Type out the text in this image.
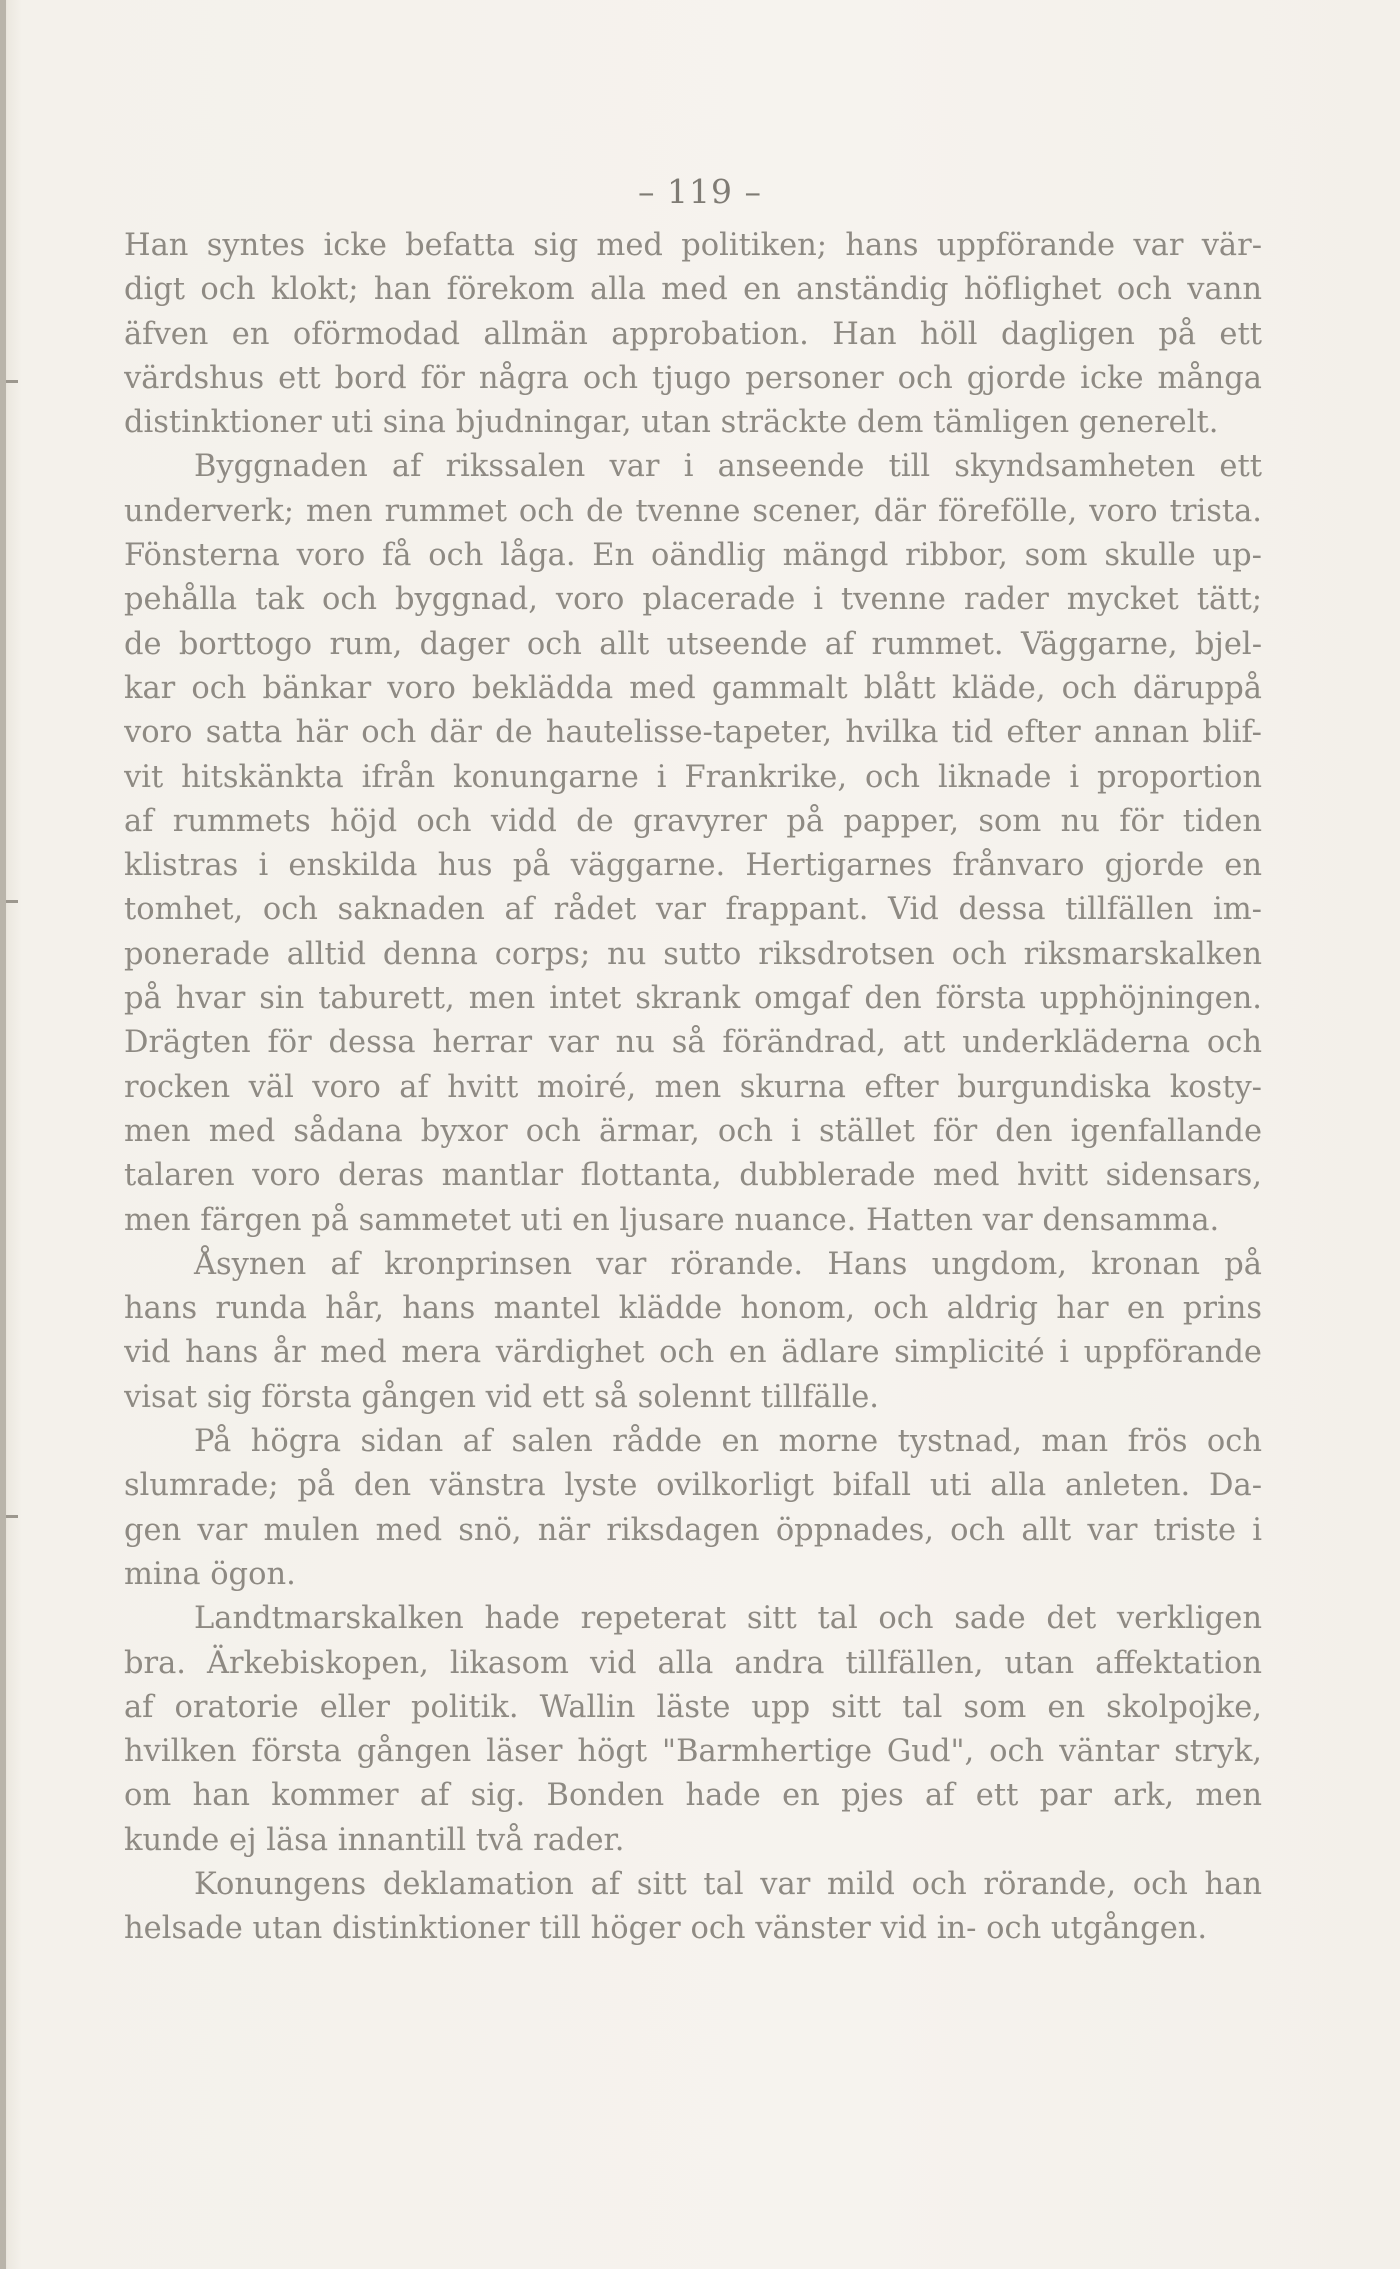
– 119 –
Han syntes icke befatta sig med politiken; hans uppförande var vär-
digt och klokt; han förekom alla med en anständig höflighet och vann
äfven en oförmodad allmän approbation. Han höll dagligen på ett
värdshus ett bord för några och tjugo personer och gjorde icke många
distinktioner uti sina bjudningar, utan sträckte dem tämligen generelt.
Byggnaden af rikssalen var i anseende till skyndsamheten ett
underverk; men rummet och de tvenne scener, där förefölle, voro trista.
Fönsterna voro få och låga. En oändlig mängd ribbor, som skulle up-
pehålla tak och byggnad, voro placerade i tvenne rader mycket tätt;
de borttogo rum, dager och allt utseende af rummet. Väggarne, bjel-
kar och bänkar voro beklädda med gammalt blått kläde, och däruppå
voro satta här och där de hautelisse-tapeter, hvilka tid efter annan blif-
vit hitskänkta ifrån konungarne i Frankrike, och liknade i proportion
af rummets höjd och vidd de gravyrer på papper, som nu för tiden
klistras i enskilda hus på väggarne. Hertigarnes frånvaro gjorde en
tomhet, och saknaden af rådet var frappant. Vid dessa tillfällen im-
ponerade alltid denna corps; nu sutto riksdrotsen och riksmarskalken
på hvar sin taburett, men intet skrank omgaf den första upphöjningen.
Drägten för dessa herrar var nu så förändrad, att underkläderna och
rocken väl voro af hvitt moiré, men skurna efter burgundiska kosty-
men med sådana byxor och ärmar, och i stället för den igenfallande
talaren voro deras mantlar flottanta, dubblerade med hvitt sidensars,
men färgen på sammetet uti en ljusare nuance. Hatten var densamma.
Åsynen af kronprinsen var rörande. Hans ungdom, kronan på
hans runda hår, hans mantel klädde honom, och aldrig har en prins
vid hans år med mera värdighet och en ädlare simplicité i uppförande
visat sig första gången vid ett så solennt tillfälle.
På högra sidan af salen rådde en morne tystnad, man frös och
slumrade; på den vänstra lyste ovilkorligt bifall uti alla anleten. Da-
gen var mulen med snö, när riksdagen öppnades, och allt var triste i
mina ögon.
Landtmarskalken hade repeterat sitt tal och sade det verkligen
bra. Ärkebiskopen, likasom vid alla andra tillfällen, utan affektation
af oratorie eller politik. Wallin läste upp sitt tal som en skolpojke,
hvilken första gången läser högt "Barmhertige Gud", och väntar stryk,
om han kommer af sig. Bonden hade en pjes af ett par ark, men
kunde ej läsa innantill två rader.
Konungens deklamation af sitt tal var mild och rörande, och han
helsade utan distinktioner till höger och vänster vid in- och utgången.
